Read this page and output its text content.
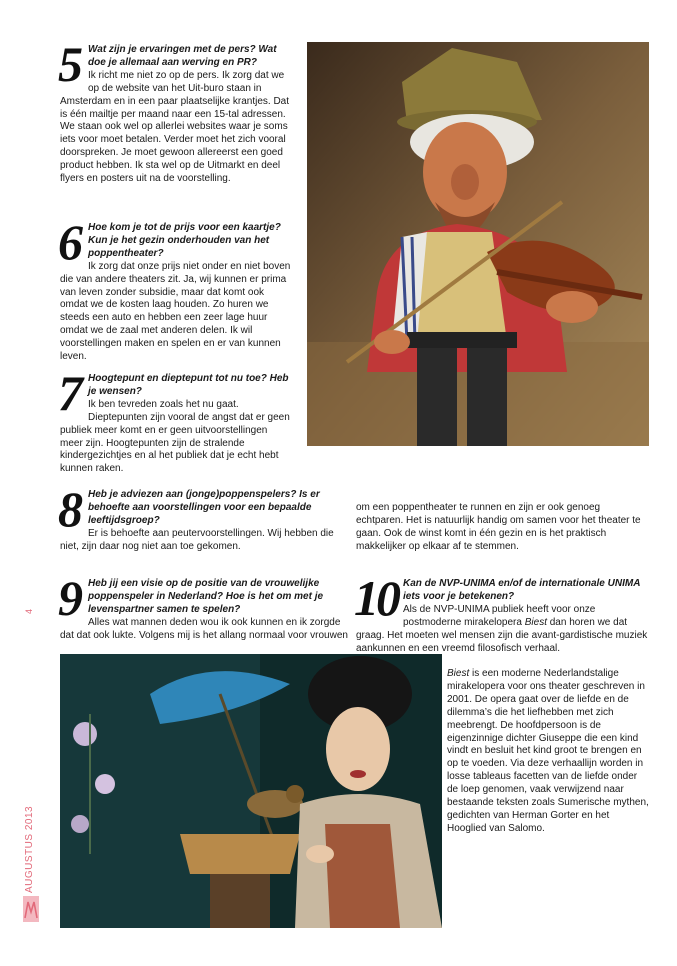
5 Wat zijn je ervaringen met de pers? Wat doe je allemaal aan werving en PR?
Ik richt me niet zo op de pers. Ik zorg dat we op de website van het Uit-buro staan in Amsterdam en in een paar plaatselijke krantjes. Dat is één mailtje per maand naar een 15-tal adressen. We staan ook wel op allerlei websites waar je soms iets voor moet betalen. Verder moet het zich vooral doorspreken. Je moet gewoon allereerst een goed product hebben. Ik sta wel op de Uitmarkt en deel flyers en posters uit na de voorstelling.
6 Hoe kom je tot de prijs voor een kaartje? Kun je het gezin onderhouden van het poppentheater?
Ik zorg dat onze prijs niet onder en niet boven die van andere theaters zit. Ja, wij kunnen er prima van leven zonder subsidie, maar dat komt ook omdat we de kosten laag houden. Zo huren we steeds een auto en hebben een zeer lage huur omdat we de zaal met anderen delen. Ik wil voorstellingen maken en spelen en er van kunnen leven.
7 Hoogtepunt en dieptepunt tot nu toe? Heb je wensen?
Ik ben tevreden zoals het nu gaat. Dieptepunten zijn vooral de angst dat er geen publiek meer komt en er geen uitvoorstellingen meer zijn. Hoogtepunten zijn de stralende kindergezichtjes en al het publiek dat je echt hebt kunnen raken.
8 Heb je adviezen aan (jonge)poppenspelers? Is er behoefte aan voorstellingen voor een bepaalde leeftijdsgroep?
Er is behoefte aan peutervoorstellingen. Wij hebben die niet, zijn daar nog niet aan toe gekomen.
om een poppentheater te runnen en zijn er ook genoeg echtparen. Het is natuurlijk handig om samen voor het theater te gaan. Ook de winst komt in één gezin en is het praktisch makkelijker op elkaar af te stemmen.
9 Heb jij een visie op de positie van de vrouwelijke poppenspeler in Nederland? Hoe is het om met je levenspartner samen te spelen?
Alles wat mannen deden wou ik ook kunnen en ik zorgde dat dat ook lukte. Volgens mij is het allang normaal voor vrouwen
10 Kan de NVP-UNIMA en/of de internationale UNIMA iets voor je betekenen?
Als de NVP-UNIMA publiek heeft voor onze postmoderne mirakelopera Biest dan horen we dat graag. Het moeten wel mensen zijn die avant-gardistische muziek aankunnen en een vreemd filosofisch verhaal.
Biest is een moderne Nederlandstalige mirakelopera voor ons theater geschreven in 2001. De opera gaat over de liefde en de dilemma’s die het liefhebben met zich meebrengt. De hoofdpersoon is de eigenzinnige dichter Giuseppe die een kind vindt en besluit het kind groot te brengen en op te voeden. Via deze verhaallijn worden in losse tableaus facetten van de liefde onder de loep genomen, vaak verwijzend naar bestaande teksten zoals Sumerische mythen, gedichten van Herman Gorter en het Hooglied van Salomo.
4
AUGUSTUS 2013
